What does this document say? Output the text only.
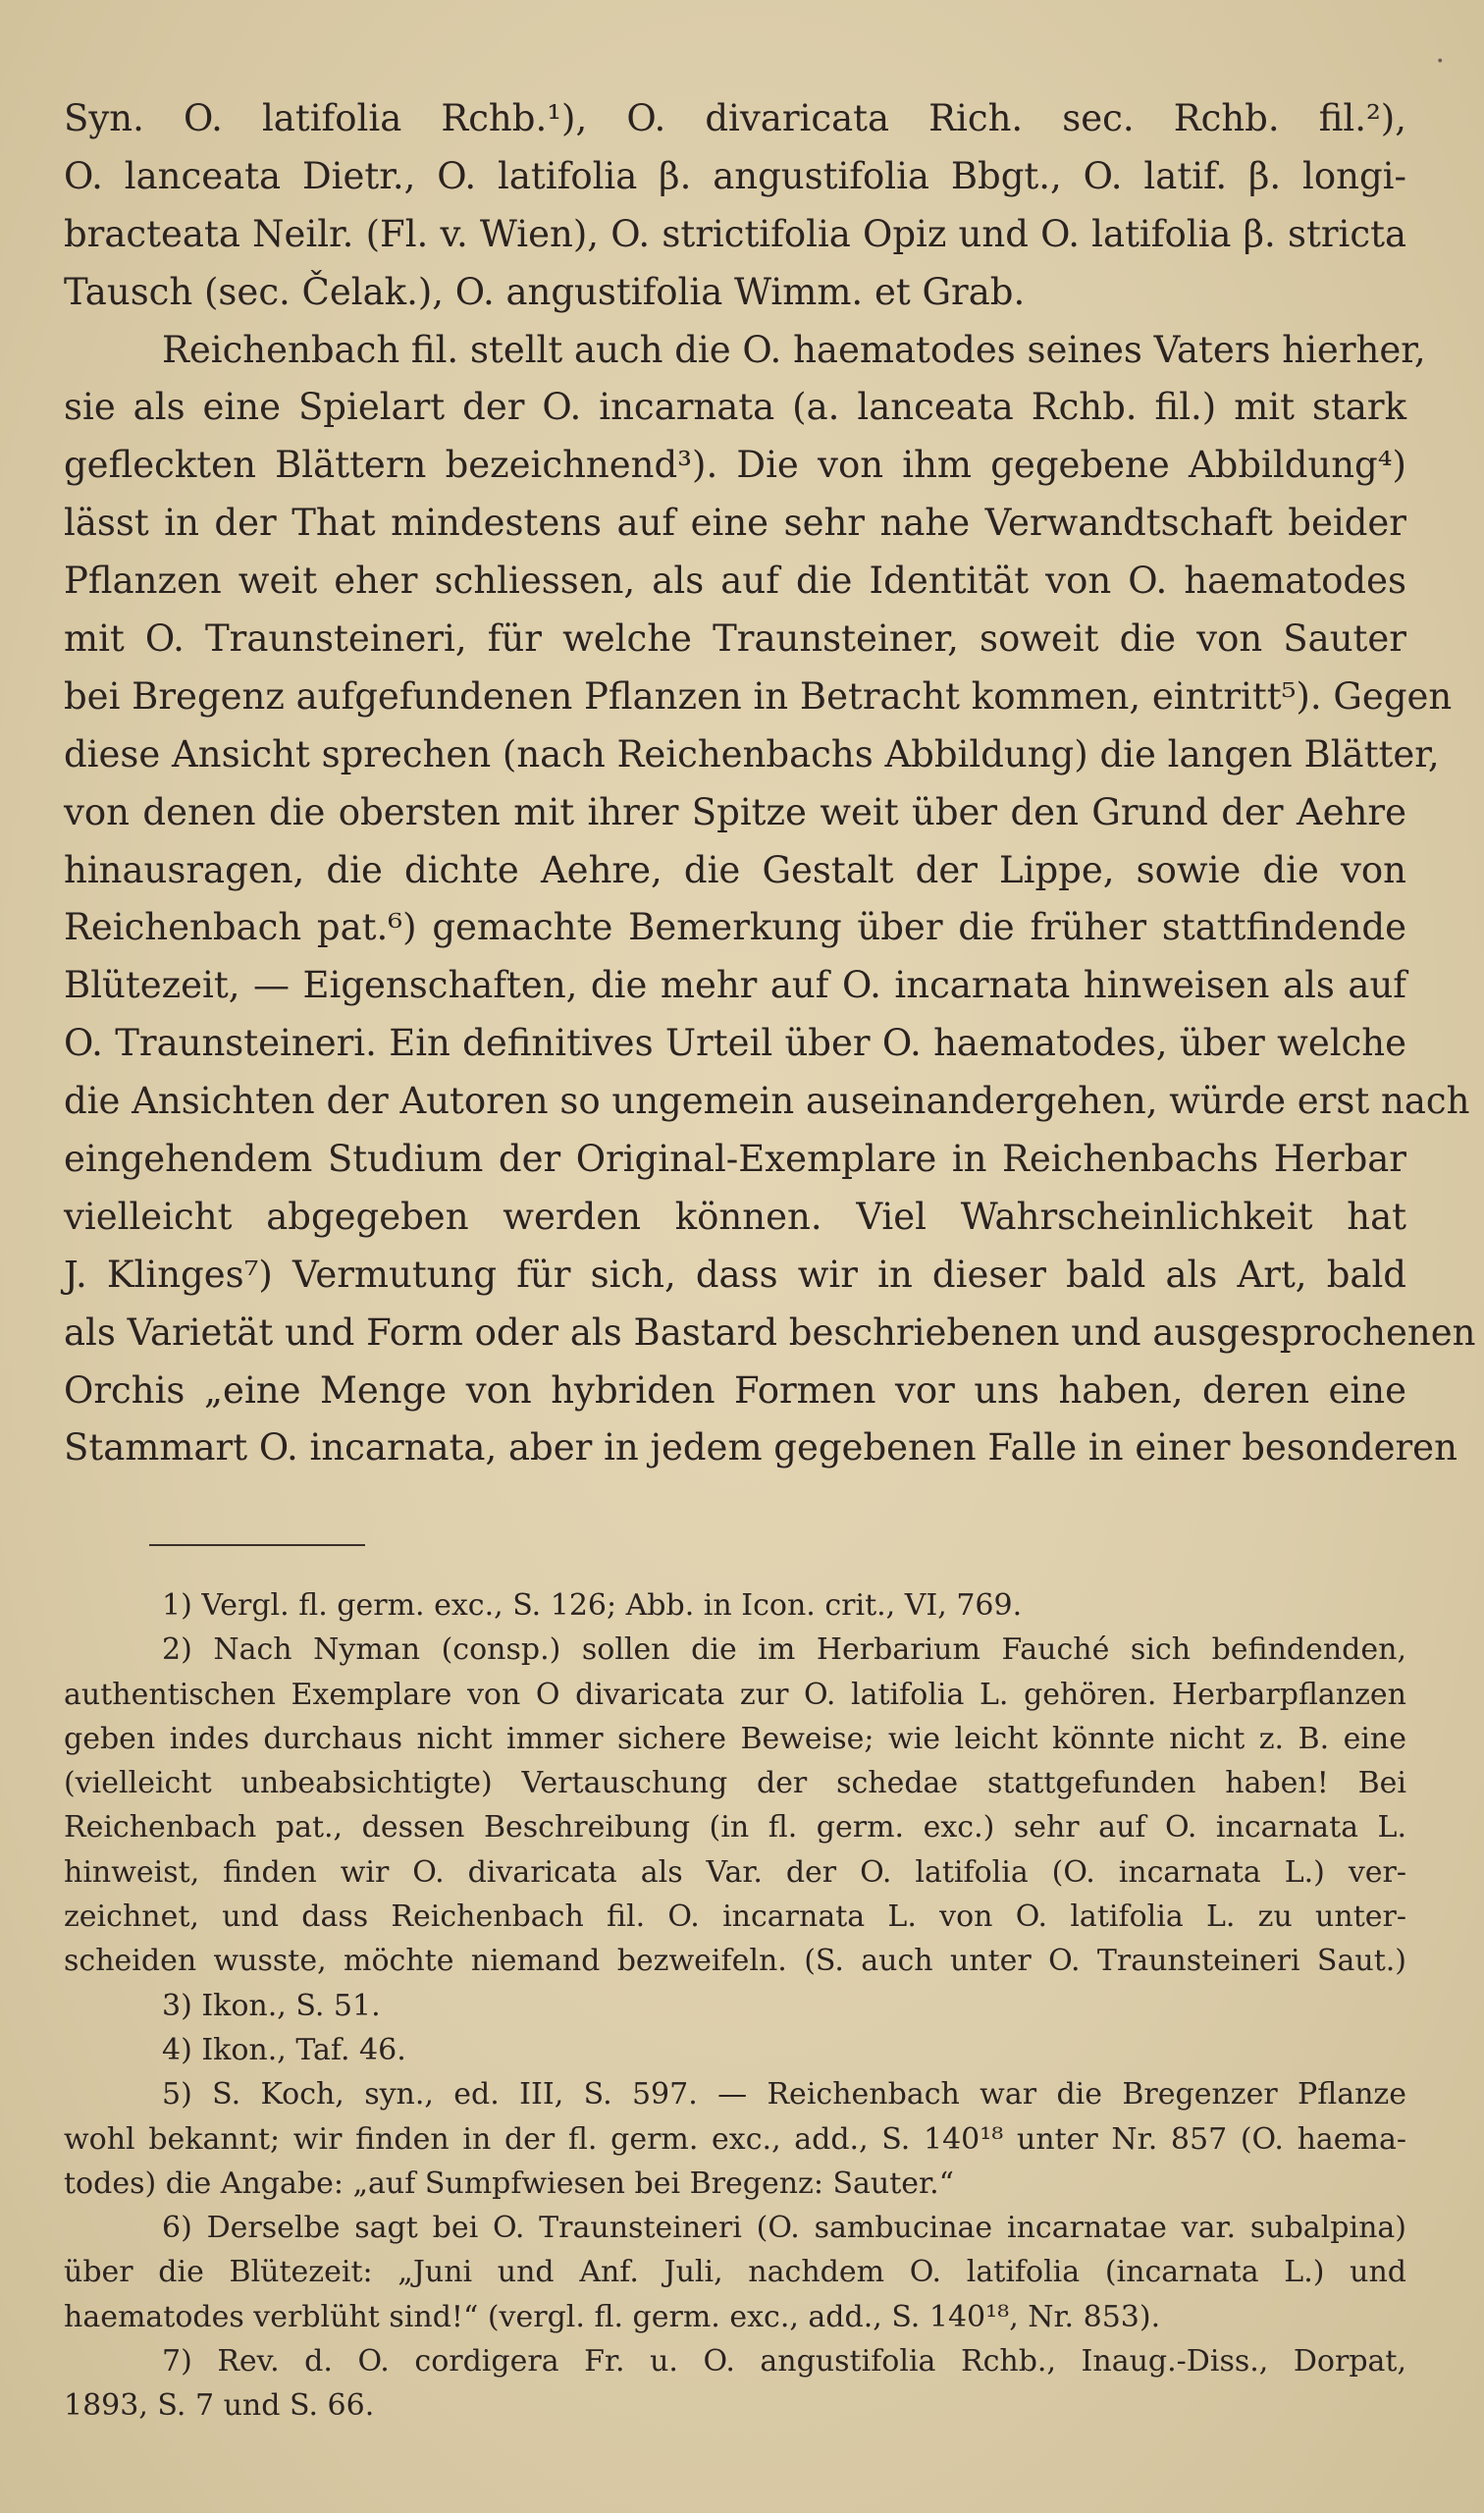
·
Syn. O. latifolia Rchb.¹), O. divaricata Rich. sec. Rchb. fil.²),
O. lanceata Dietr., O. latifolia β. angustifolia Bbgt., O. latif. β. longi-
bracteata Neilr. (Fl. v. Wien), O. strictifolia Opiz und O. latifolia β. stricta
Tausch (sec. Čelak.), O. angustifolia Wimm. et Grab.
Reichenbach fil. stellt auch die O. haematodes seines Vaters hierher,
sie als eine Spielart der O. incarnata (a. lanceata Rchb. fil.) mit stark
gefleckten Blättern bezeichnend³). Die von ihm gegebene Abbildung⁴)
lässt in der That mindestens auf eine sehr nahe Verwandtschaft beider
Pflanzen weit eher schliessen, als auf die Identität von O. haematodes
mit O. Traunsteineri, für welche Traunsteiner, soweit die von Sauter
bei Bregenz aufgefundenen Pflanzen in Betracht kommen, eintritt⁵). Gegen
diese Ansicht sprechen (nach Reichenbachs Abbildung) die langen Blätter,
von denen die obersten mit ihrer Spitze weit über den Grund der Aehre
hinausragen, die dichte Aehre, die Gestalt der Lippe, sowie die von
Reichenbach pat.⁶) gemachte Bemerkung über die früher stattfindende
Blütezeit, — Eigenschaften, die mehr auf O. incarnata hinweisen als auf
O. Traunsteineri. Ein definitives Urteil über O. haematodes, über welche
die Ansichten der Autoren so ungemein auseinandergehen, würde erst nach
eingehendem Studium der Original-Exemplare in Reichenbachs Herbar
vielleicht abgegeben werden können. Viel Wahrscheinlichkeit hat
J. Klinges⁷) Vermutung für sich, dass wir in dieser bald als Art, bald
als Varietät und Form oder als Bastard beschriebenen und ausgesprochenen
Orchis „eine Menge von hybriden Formen vor uns haben, deren eine
Stammart O. incarnata, aber in jedem gegebenen Falle in einer besonderen
1) Vergl. fl. germ. exc., S. 126; Abb. in Icon. crit., VI, 769.
2) Nach Nyman (consp.) sollen die im Herbarium Fauché sich befindenden,
authentischen Exemplare von O divaricata zur O. latifolia L. gehören. Herbarpflanzen
geben indes durchaus nicht immer sichere Beweise; wie leicht könnte nicht z. B. eine
(vielleicht unbeabsichtigte) Vertauschung der schedae stattgefunden haben! Bei
Reichenbach pat., dessen Beschreibung (in fl. germ. exc.) sehr auf O. incarnata L.
hinweist, finden wir O. divaricata als Var. der O. latifolia (O. incarnata L.) ver-
zeichnet, und dass Reichenbach fil. O. incarnata L. von O. latifolia L. zu unter-
scheiden wusste, möchte niemand bezweifeln. (S. auch unter O. Traunsteineri Saut.)
3) Ikon., S. 51.
4) Ikon., Taf. 46.
5) S. Koch, syn., ed. III, S. 597. — Reichenbach war die Bregenzer Pflanze
wohl bekannt; wir finden in der fl. germ. exc., add., S. 140¹⁸ unter Nr. 857 (O. haema-
todes) die Angabe: „auf Sumpfwiesen bei Bregenz: Sauter.“
6) Derselbe sagt bei O. Traunsteineri (O. sambucinae incarnatae var. subalpina)
über die Blütezeit: „Juni und Anf. Juli, nachdem O. latifolia (incarnata L.) und
haematodes verblüht sind!“ (vergl. fl. germ. exc., add., S. 140¹⁸, Nr. 853).
7) Rev. d. O. cordigera Fr. u. O. angustifolia Rchb., Inaug.-Diss., Dorpat,
1893, S. 7 und S. 66.
